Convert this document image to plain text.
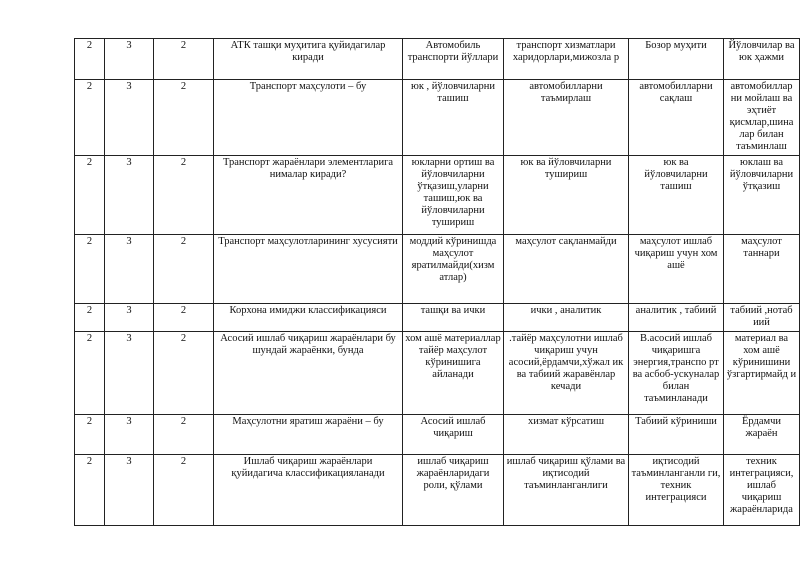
2	3	2	АТК ташқи муҳитига қуйидагилар киради	Автомобиль транспорти йўллари	транспорт хизматлари харидорлари,мижозла р	Бозор муҳити	Йўловчилар ва юк ҳажми
2	3	2	Транспорт маҳсулоти – бу	юк , йўловчиларни ташиш	автомобилларни таъмирлаш	автомобилларни сақлаш	автомобиллар ни мойлаш ва эҳтиёт қисмлар,шина лар билан таъминлаш
2	3	2	Транспорт жараёнлари элементларига нималар киради?	юкларни ортиш ва йўловчиларни ўтқазиш,уларни ташиш,юк ва йўловчиларни тушириш	юк ва йўловчиларни тушириш	юк ва йўловчиларни ташиш	юклаш ва йўловчиларни ўтқазиш
2	3	2	Транспорт маҳсулотларининг хусусияти	моддий кўринишда маҳсулот яратилмайди(хизм атлар)	маҳсулот сақланмайди	маҳсулот ишлаб чиқариш учун хом ашё	маҳсулот таннари
2	3	2	Корхона имиджи классификацияси	ташқи ва ички	ички , аналитик	аналитик , табиий	табиий ,нотаб иий
2	3	2	Асосий ишлаб чиқариш жараёнлари бу шундай жараёнки, бунда	хом ашё материаллар тайёр маҳсулот кўринишига айланади	.тайёр маҳсулотни ишлаб чиқариш учун асосий,ёрдамчи,хўжал ик ва табиий жаравёнлар кечади	В.асосий ишлаб чиқаришга энергия,транспо рт ва асбоб-ускуналар билан таъминланади	материал ва хом ашё кўринишини ўзгартирмайд и
2	3	2	Маҳсулотни яратиш жараёни – бу	Асосий ишлаб чиқариш	хизмат кўрсатиш	Табиий кўриниши	Ёрдамчи жараён
2	3	2	Ишлаб чиқариш жараёнлари қуйидагича классификацияланади	ишлаб чиқариш жараёнларидаги роли, қўлами	ишлаб чиқариш қўлами ва иқтисодий таъминланганлиги	иқтисодий таъминланганли ги, техник интеграцияси	техник интеграцияси, ишлаб чиқариш жараёнларида
